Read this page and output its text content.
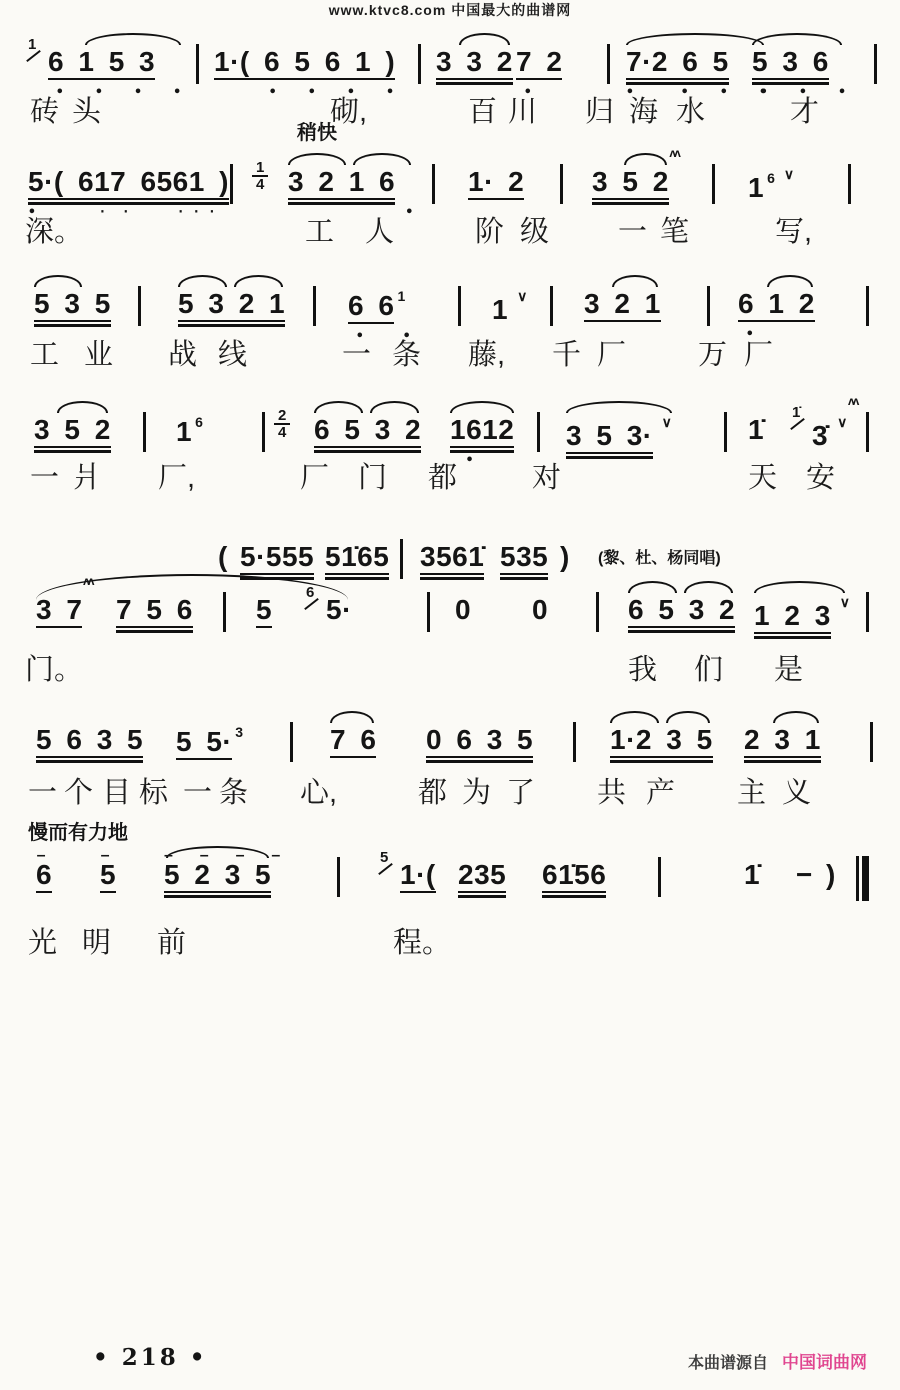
www.ktvc8.com 中国最大的曲谱网
1
6 1 5 3
•    •    •    •
1·( 6 5 6 1 )
•    •    •    •
3 3 2 7 2
•
7·2 6 5
•      •    •    •
5 3 6
•    •    •
砖 头	砌,	百 川 归 海 水	才
稍快
5·( 617 6561 )
•        ·  ·      · · ·
$\frac{1}{4} 3$ 2 1 6
•
1· 2
ʌʌ
3 5 2	1 6 ∨
深。	工 人	阶 级 一 笔	写,
5 3 5 5 3 2 1 6 6 1
•     •
1 ∨ 3 2 1	6 1 2
•
工 业 战 线	一 条 藤, 千 厂 万 厂
3 5 2 1 6	$\frac{2}{4} 6$ 5 3 2 1612
•
3 5 3· ∨	1̇
1̇
ʌʌ
3̇ ∨
一 爿 厂,	厂 门 都	对	天 安
( 5·555 51̇65 3561̇ 535 ) (黎、杜、杨同唱)
ʌʌ
3 7 7 5 6 5
6
5·	0 0	6 5 3 2 1 2 3 ∨
门。	我 们 是
5 6 3 5 5 5· 3	7 6 0 6 3 5	1·2 3 5 2 3 1
一 个 目 标 一 条 心,	都 为 了 共 产 主 义
慢而有力地
–
6
–
5
–  –  –  –
5 2 3 5
5
1·( 235 61̇56	1̇ − )
光 明 前	程。
• 218 •	本曲谱源自 中国词曲网
